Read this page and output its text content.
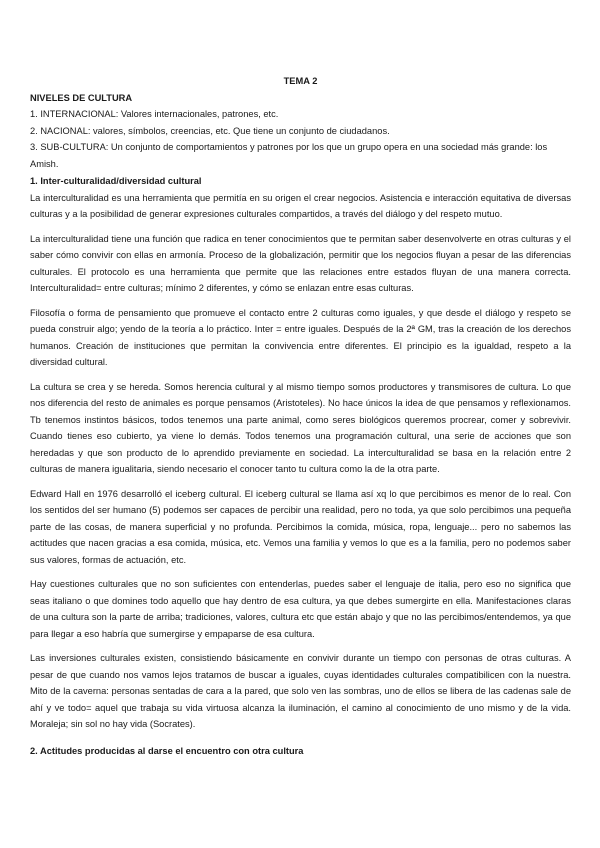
TEMA 2

NIVELES DE CULTURA

1. INTERNACIONAL: Valores internacionales, patrones, etc.

2. NACIONAL: valores, símbolos, creencias, etc. Que tiene un conjunto de ciudadanos.

3. SUB-CULTURA: Un conjunto de comportamientos y patrones por los que un grupo opera en una sociedad más grande: los Amish.

1. Inter-culturalidad/diversidad cultural

La interculturalidad es una herramienta que permitía en su origen el crear negocios. Asistencia e interacción equitativa de diversas culturas y a la posibilidad de generar expresiones culturales compartidos, a través del diálogo y del respeto mutuo.

La interculturalidad tiene una función que radica en tener conocimientos que te permitan saber desenvolverte en otras culturas y el saber cómo convivir con ellas en armonía. Proceso de la globalización, permitir que los negocios fluyan a pesar de las diferencias culturales. El protocolo es una herramienta que permite que las relaciones entre estados fluyan de una manera correcta. Interculturalidad= entre culturas; mínimo 2 diferentes, y cómo se enlazan entre esas culturas.

Filosofía o forma de pensamiento que promueve el contacto entre 2 culturas como iguales, y que desde el diálogo y respeto se pueda construir algo; yendo de la teoría a lo práctico. Inter = entre iguales. Después de la 2ª GM, tras la creación de los derechos humanos. Creación de instituciones que permitan la convivencia entre diferentes. El principio es la igualdad, respeto a la diversidad cultural.

La cultura se crea y se hereda. Somos herencia cultural y al mismo tiempo somos productores y transmisores de cultura. Lo que nos diferencia del resto de animales es porque pensamos (Aristoteles). No hace únicos la idea de que pensamos y reflexionamos. Tb tenemos instintos básicos, todos tenemos una parte animal, como seres biológicos queremos procrear, comer y sobrevivir. Cuando tienes eso cubierto, ya viene lo demás. Todos tenemos una programación cultural, una serie de acciones que son heredadas y que son producto de lo aprendido previamente en sociedad. La interculturalidad se basa en la relación entre 2 culturas de manera igualitaria, siendo necesario el conocer tanto tu cultura como la de la otra parte.

Edward Hall en 1976 desarrolló el iceberg cultural. El iceberg cultural se llama así xq lo que percibimos es menor de lo real. Con los sentidos del ser humano (5) podemos ser capaces de percibir una realidad, pero no toda, ya que solo percibimos una pequeña parte de las cosas, de manera superficial y no profunda. Percibimos la comida, música, ropa, lenguaje... pero no sabemos las actitudes que nacen gracias a esa comida, música, etc. Vemos una familia y vemos lo que es a la familia, pero no podemos saber sus valores, formas de actuación, etc.

Hay cuestiones culturales que no son suficientes con entenderlas, puedes saber el lenguaje de italia, pero eso no significa que seas italiano o que domines todo aquello que hay dentro de esa cultura, ya que debes sumergirte en ella. Manifestaciones claras de una cultura son la parte de arriba; tradiciones, valores, cultura etc que están abajo y que no las percibimos/entendemos, ya que para llegar a eso habría que sumergirse y empaparse de esa cultura.

Las inversiones culturales existen, consistiendo básicamente en convivir durante un tiempo con personas de otras culturas. A pesar de que cuando nos vamos lejos tratamos de buscar a iguales, cuyas identidades culturales compatibilicen con la nuestra. Mito de la caverna: personas sentadas de cara a la pared, que solo ven las sombras, uno de ellos se libera de las cadenas sale de ahí y ve todo= aquel que trabaja su vida virtuosa alcanza la iluminación, el camino al conocimiento de uno mismo y de la vida. Moraleja; sin sol no hay vida (Socrates).

2. Actitudes producidas al darse el encuentro con otra cultura
